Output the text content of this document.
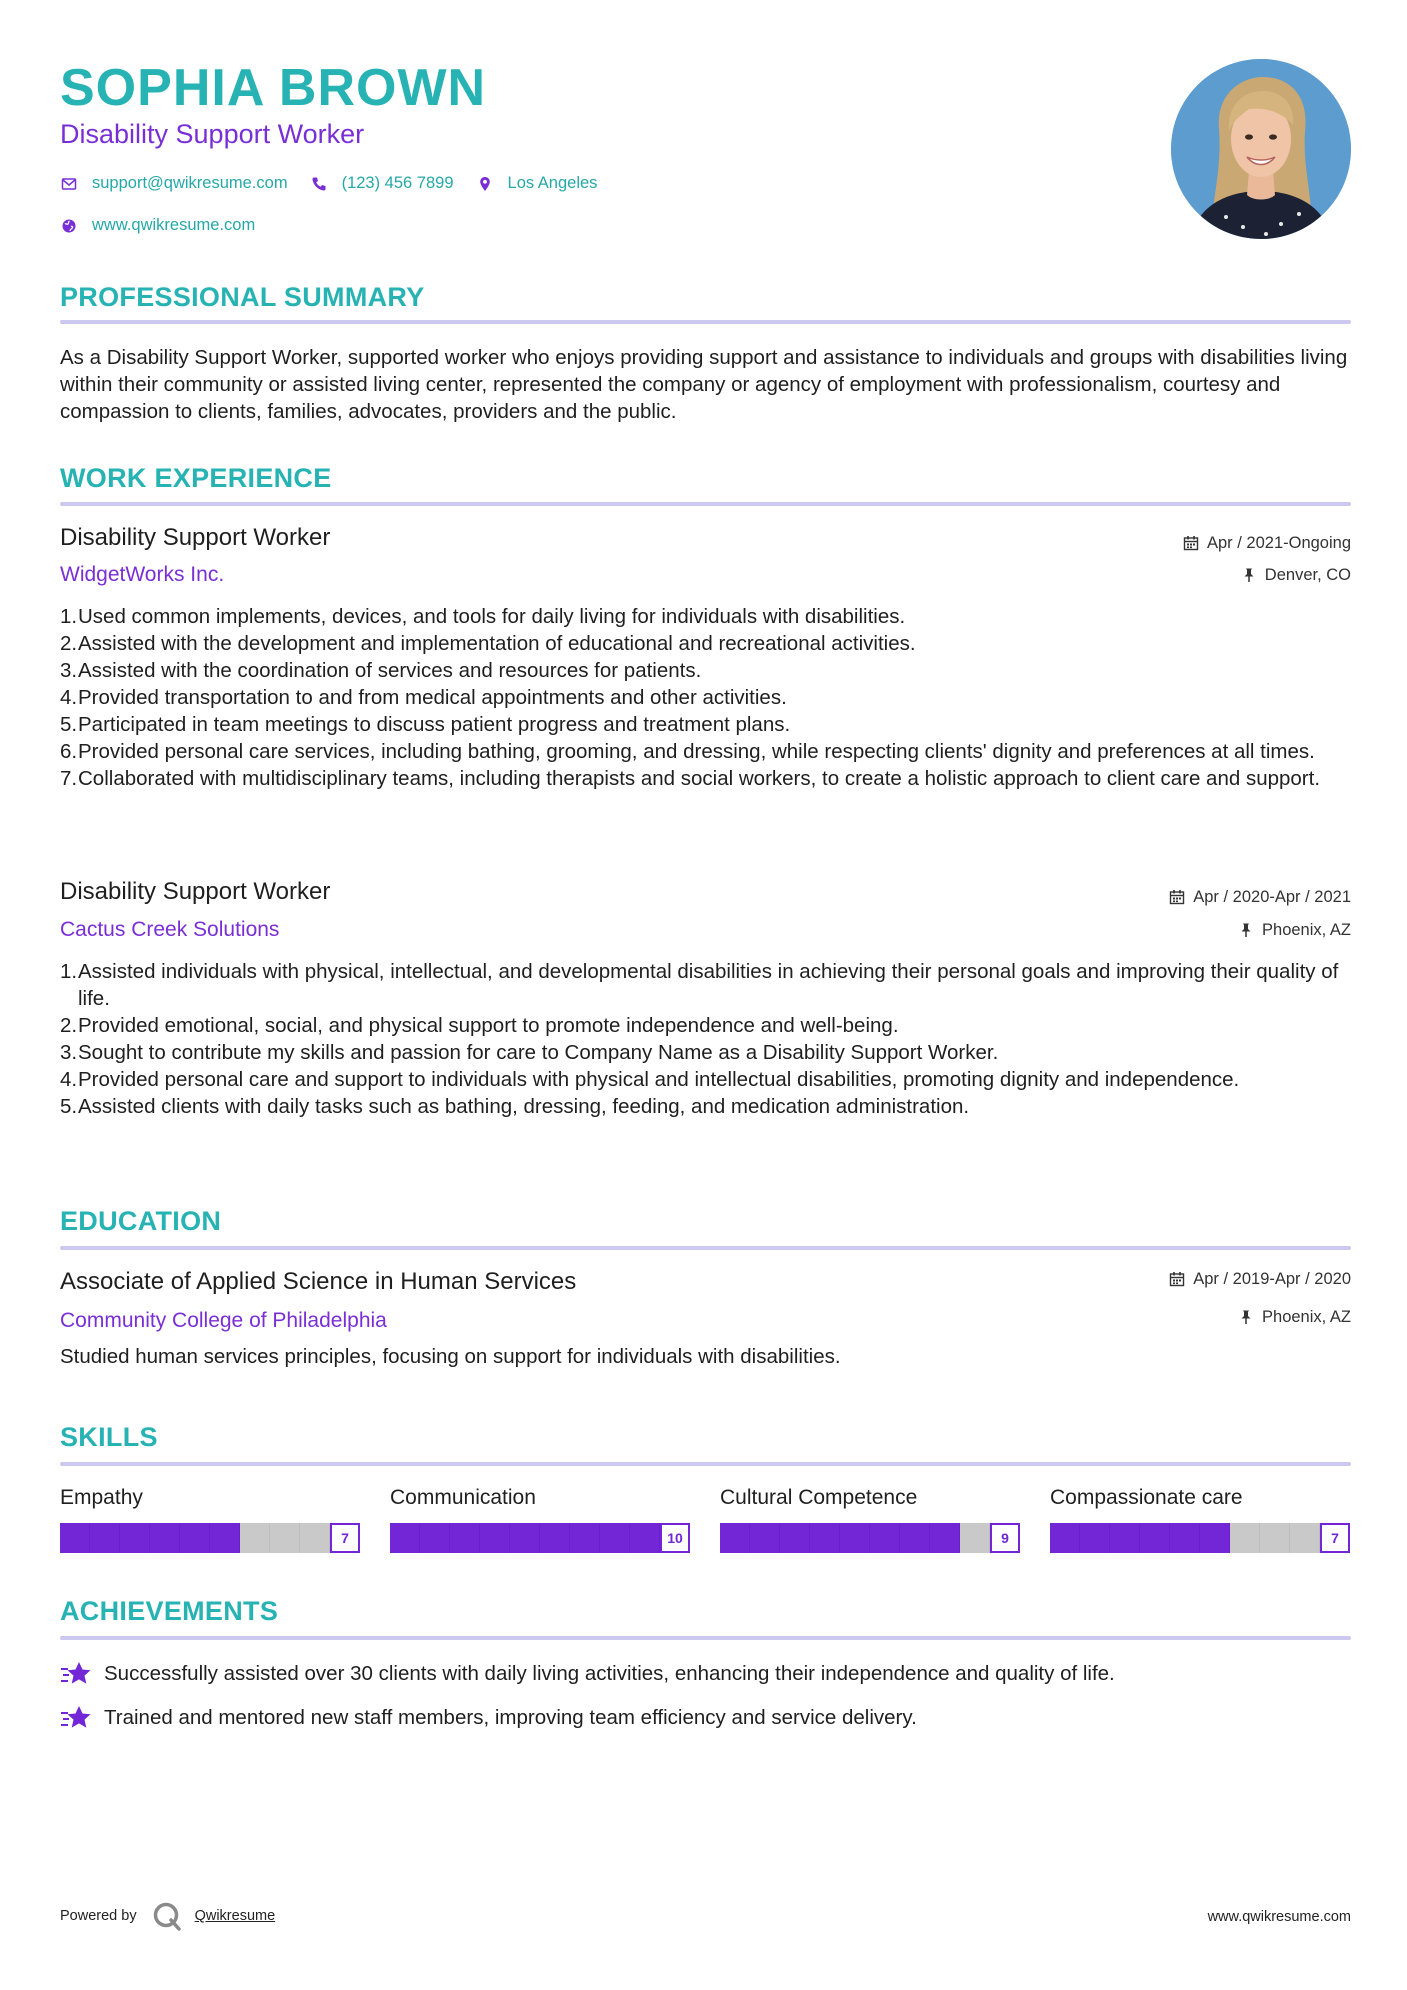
SOPHIA BROWN
Disability Support Worker
support@qwikresume.com	(123) 456 7899	Los Angeles
www.qwikresume.com
PROFESSIONAL SUMMARY
As a Disability Support Worker, supported worker who enjoys providing support and assistance to individuals and groups with disabilities living within their community or assisted living center, represented the company or agency of employment with professionalism, courtesy and compassion to clients, families, advocates, providers and the public.
WORK EXPERIENCE
Disability Support Worker
WidgetWorks Inc.
Apr / 2021-Ongoing
Denver, CO
Used common implements, devices, and tools for daily living for individuals with disabilities.
Assisted with the development and implementation of educational and recreational activities.
Assisted with the coordination of services and resources for patients.
Provided transportation to and from medical appointments and other activities.
Participated in team meetings to discuss patient progress and treatment plans.
Provided personal care services, including bathing, grooming, and dressing, while respecting clients' dignity and preferences at all times.
Collaborated with multidisciplinary teams, including therapists and social workers, to create a holistic approach to client care and support.
Disability Support Worker
Cactus Creek Solutions
Apr / 2020-Apr / 2021
Phoenix, AZ
Assisted individuals with physical, intellectual, and developmental disabilities in achieving their personal goals and improving their quality of life.
Provided emotional, social, and physical support to promote independence and well-being.
Sought to contribute my skills and passion for care to Company Name as a Disability Support Worker.
Provided personal care and support to individuals with physical and intellectual disabilities, promoting dignity and independence.
Assisted clients with daily tasks such as bathing, dressing, feeding, and medication administration.
EDUCATION
Associate of Applied Science in Human Services
Community College of Philadelphia
Apr / 2019-Apr / 2020
Phoenix, AZ
Studied human services principles, focusing on support for individuals with disabilities.
SKILLS
Empathy
7
Communication
10
Cultural Competence
9
Compassionate care
7
ACHIEVEMENTS
Successfully assisted over 30 clients with daily living activities, enhancing their independence and quality of life.
Trained and mentored new staff members, improving team efficiency and service delivery.
Powered by	Qwikresume	www.qwikresume.com
